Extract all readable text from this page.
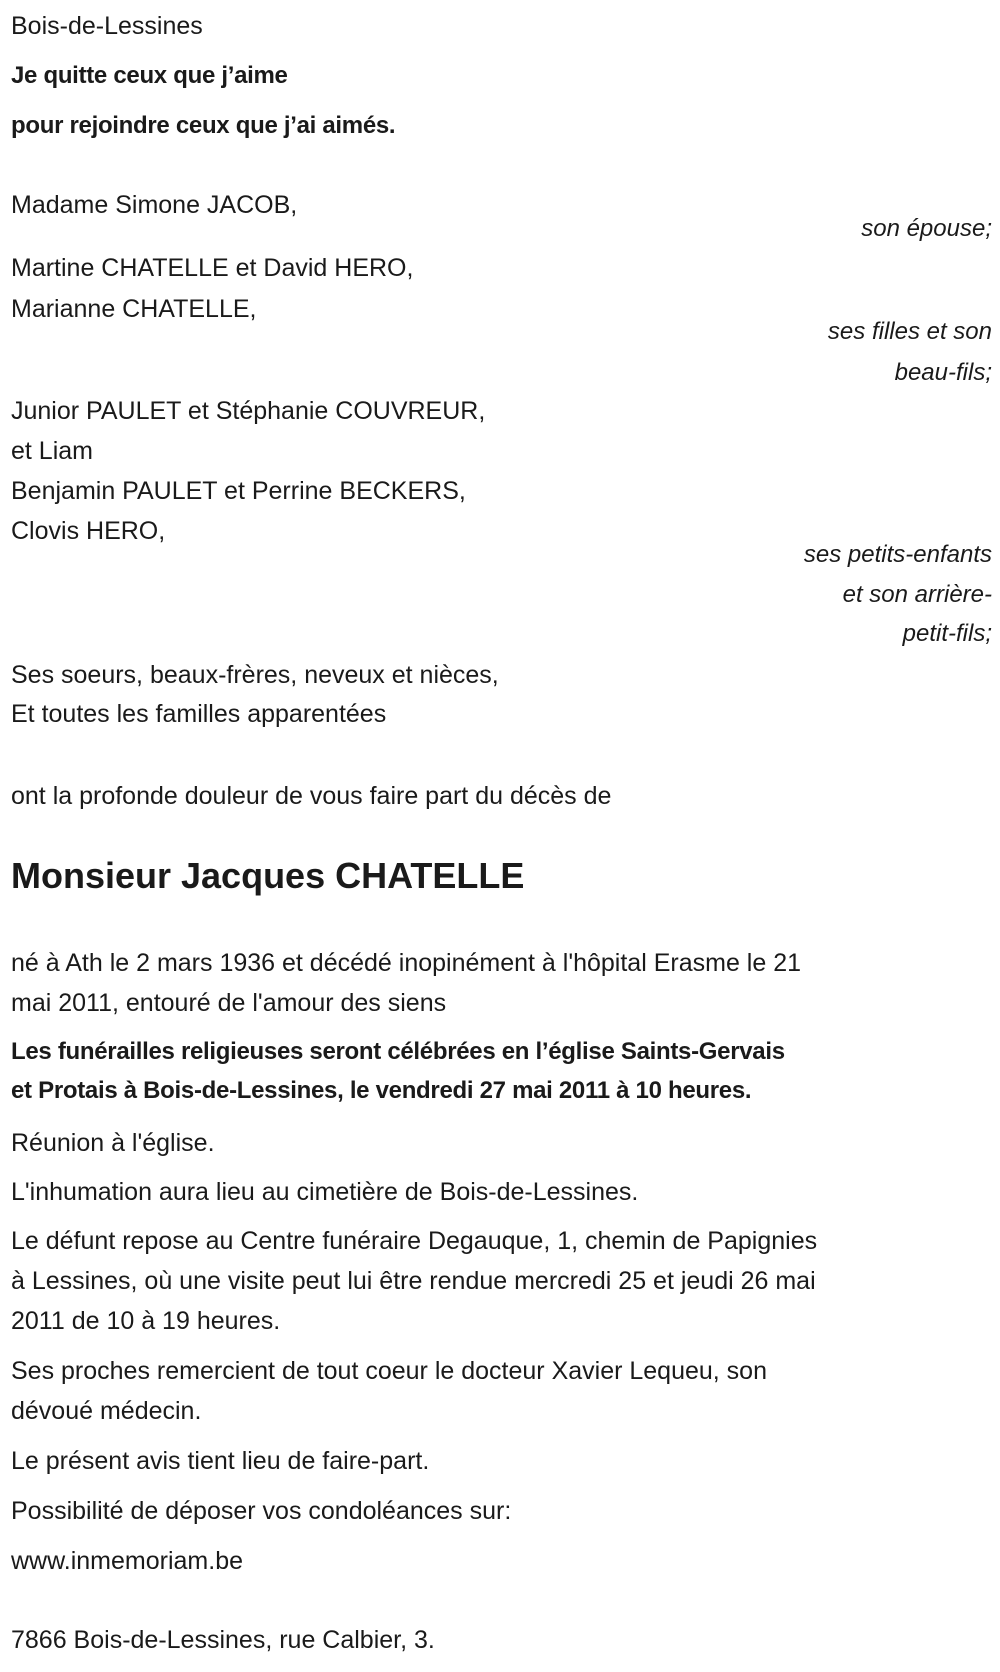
Bois-de-Lessines
Je quitte ceux que j’aime
pour rejoindre ceux que j’ai aimés.
Madame Simone JACOB,
son épouse;
Martine CHATELLE et David HERO,
Marianne CHATELLE,
ses filles et son
beau-fils;
Junior PAULET et Stéphanie COUVREUR,
et Liam
Benjamin PAULET et Perrine BECKERS,
Clovis HERO,
ses petits-enfants
et son arrière-
petit-fils;
Ses soeurs, beaux-frères, neveux et nièces,
Et toutes les familles apparentées
ont la profonde douleur de vous faire part du décès de
Monsieur Jacques CHATELLE
né à Ath le 2 mars 1936 et décédé inopinément à l'hôpital Erasme le 21
mai 2011, entouré de l'amour des siens
Les funérailles religieuses seront célébrées en l’église Saints-Gervais
et Protais à Bois-de-Lessines, le vendredi 27 mai 2011 à 10 heures.
Réunion à l'église.
L'inhumation aura lieu au cimetière de Bois-de-Lessines.
Le défunt repose au Centre funéraire Degauque, 1, chemin de Papignies
à Lessines, où une visite peut lui être rendue mercredi 25 et jeudi 26 mai
2011 de 10 à 19 heures.
Ses proches remercient de tout coeur le docteur Xavier Lequeu, son
dévoué médecin.
Le présent avis tient lieu de faire-part.
Possibilité de déposer vos condoléances sur:
www.inmemoriam.be
7866 Bois-de-Lessines, rue Calbier, 3.
